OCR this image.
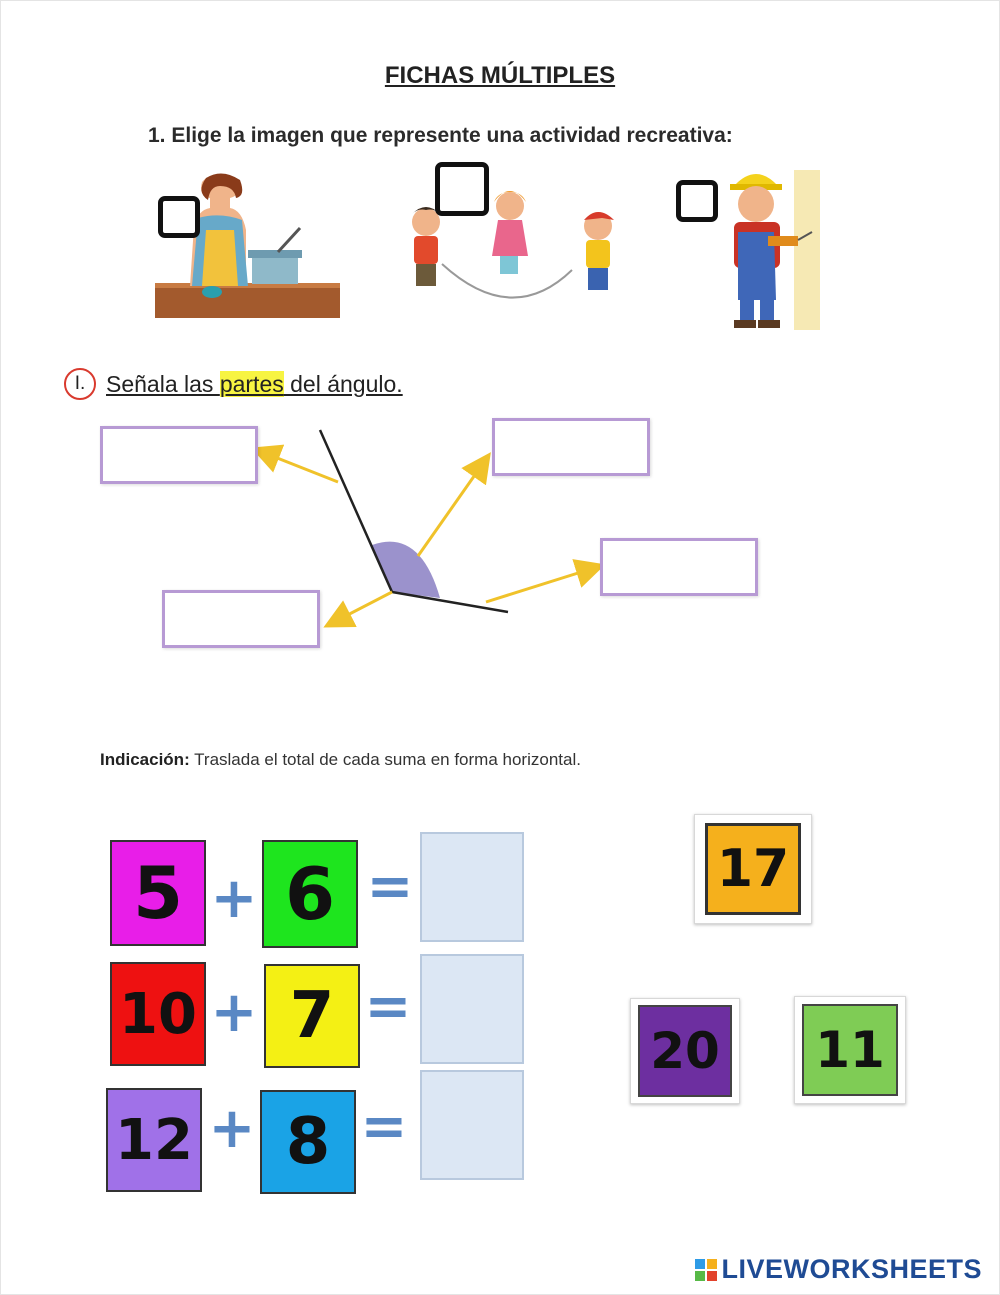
FICHAS MÚLTIPLES
1. Elige la imagen que represente una actividad recreativa:
I. Señala las partes del ángulo.
Indicación: Traslada el total de cada suma en forma horizontal.
5 + 6 =
10 + 7 =
12 + 8 =
17
20 11
LIVEWORKSHEETS
